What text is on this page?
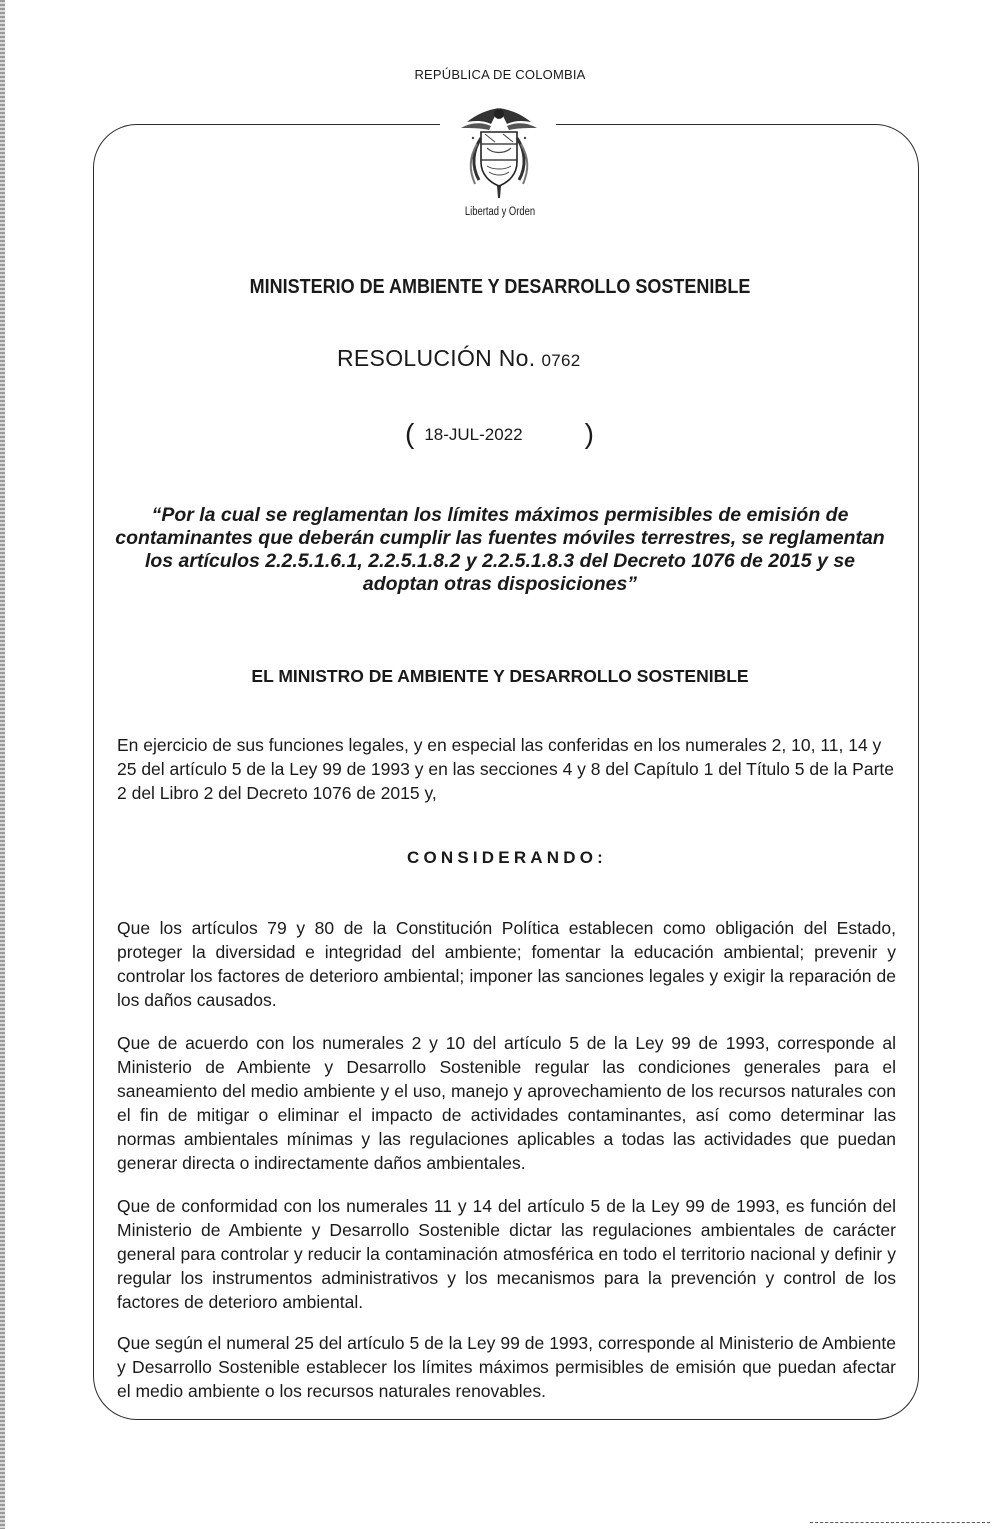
REPÚBLICA DE COLOMBIA
Libertad y Orden
MINISTERIO DE AMBIENTE Y DESARROLLO SOSTENIBLE
RESOLUCIÓN No. 0762
( 18-JUL-2022 )
“Por la cual se reglamentan los límites máximos permisibles de emisión de contaminantes que deberán cumplir las fuentes móviles terrestres, se reglamentan los artículos 2.2.5.1.6.1, 2.2.5.1.8.2 y 2.2.5.1.8.3 del Decreto 1076 de 2015 y se adoptan otras disposiciones”
EL MINISTRO DE AMBIENTE Y DESARROLLO SOSTENIBLE
En ejercicio de sus funciones legales, y en especial las conferidas en los numerales 2, 10, 11, 14 y 25 del artículo 5 de la Ley 99 de 1993 y en las secciones 4 y 8 del Capítulo 1 del Título 5 de la Parte 2 del Libro 2 del Decreto 1076 de 2015 y,
CONSIDERANDO:
Que los artículos 79 y 80 de la Constitución Política establecen como obligación del Estado, proteger la diversidad e integridad del ambiente; fomentar la educación ambiental; prevenir y controlar los factores de deterioro ambiental; imponer las sanciones legales y exigir la reparación de los daños causados.
Que de acuerdo con los numerales 2 y 10 del artículo 5 de la Ley 99 de 1993, corresponde al Ministerio de Ambiente y Desarrollo Sostenible regular las condiciones generales para el saneamiento del medio ambiente y el uso, manejo y aprovechamiento de los recursos naturales con el fin de mitigar o eliminar el impacto de actividades contaminantes, así como determinar las normas ambientales mínimas y las regulaciones aplicables a todas las actividades que puedan generar directa o indirectamente daños ambientales.
Que de conformidad con los numerales 11 y 14 del artículo 5 de la Ley 99 de 1993, es función del Ministerio de Ambiente y Desarrollo Sostenible dictar las regulaciones ambientales de carácter general para controlar y reducir la contaminación atmosférica en todo el territorio nacional y definir y regular los instrumentos administrativos y los mecanismos para la prevención y control de los factores de deterioro ambiental.
Que según el numeral 25 del artículo 5 de la Ley 99 de 1993, corresponde al Ministerio de Ambiente y Desarrollo Sostenible establecer los límites máximos permisibles de emisión que puedan afectar el medio ambiente o los recursos naturales renovables.
